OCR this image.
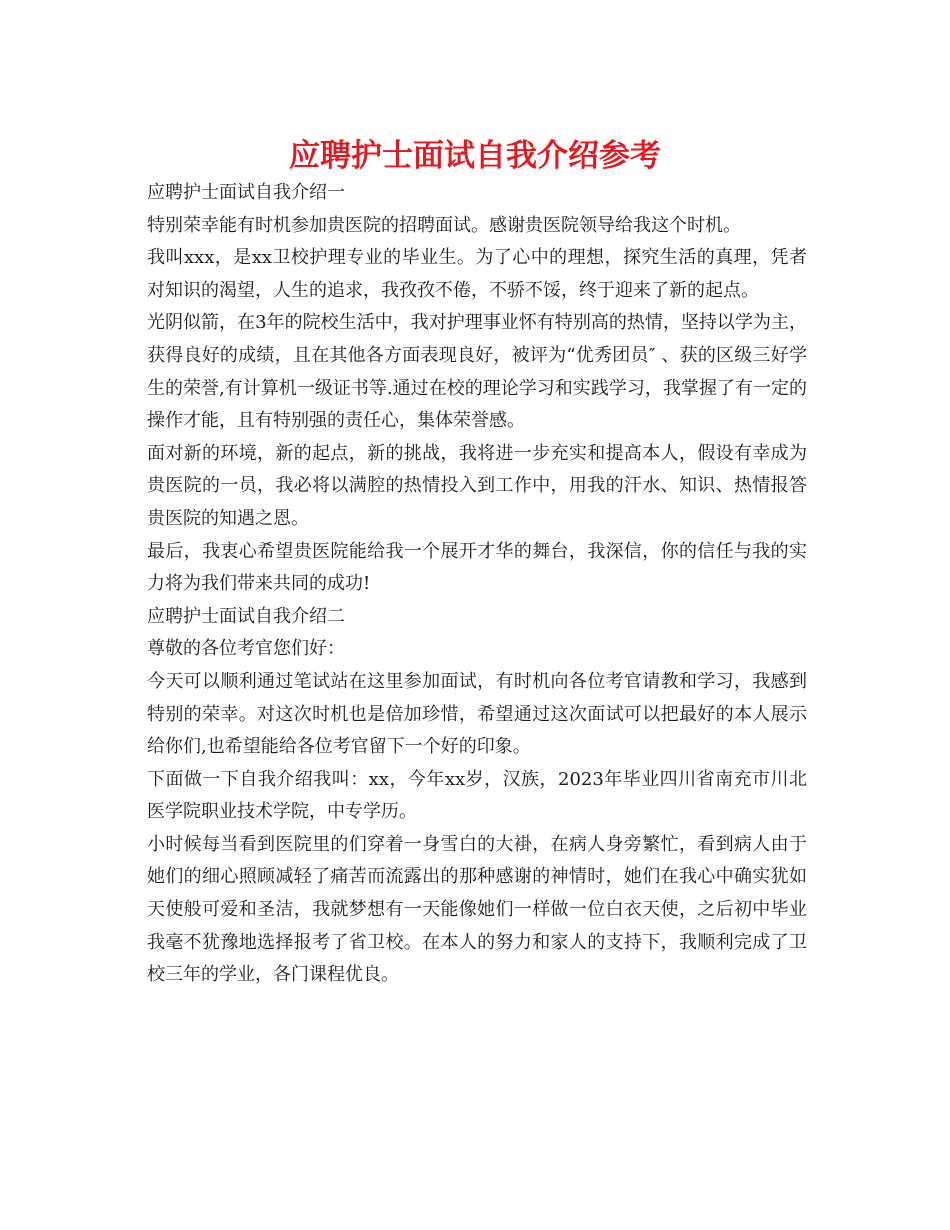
应聘护士面试自我介绍参考

应聘护士面试自我介绍一

特别荣幸能有时机参加贵医院的招聘面试。感谢贵医院领导给我这个时机。

我叫xxx，是xx卫校护理专业的毕业生。为了心中的理想，探究生活的真理，凭者对知识的渴望，人生的追求，我孜孜不倦，不骄不馁，终于迎来了新的起点。

光阴似箭，在3年的院校生活中，我对护理事业怀有特别高的热情，坚持以学为主，获得良好的成绩，且在其他各方面表现良好，被评为“优秀团员″ 、获的区级三好学生的荣誉,有计算机一级证书等.通过在校的理论学习和实践学习，我掌握了有一定的操作才能，且有特别强的责任心，集体荣誉感。

面对新的环境，新的起点，新的挑战，我将进一步充实和提高本人，假设有幸成为贵医院的一员，我必将以满腔的热情投入到工作中，用我的汗水、知识、热情报答贵医院的知遇之恩。

最后，我衷心希望贵医院能给我一个展开才华的舞台，我深信，你的信任与我的实力将为我们带来共同的成功!

应聘护士面试自我介绍二

尊敬的各位考官您们好：

今天可以顺利通过笔试站在这里参加面试，有时机向各位考官请教和学习，我感到特别的荣幸。对这次时机也是倍加珍惜，希望通过这次面试可以把最好的本人展示给你们,也希望能给各位考官留下一个好的印象。

下面做一下自我介绍我叫：xx，今年xx岁，汉族，2023年毕业四川省南充市川北医学院职业技术学院，中专学历。

小时候每当看到医院里的们穿着一身雪白的大褂，在病人身旁繁忙，看到病人由于她们的细心照顾减轻了痛苦而流露出的那种感谢的神情时，她们在我心中确实犹如天使般可爱和圣洁，我就梦想有一天能像她们一样做一位白衣天使，之后初中毕业我毫不犹豫地选择报考了省卫校。在本人的努力和家人的支持下，我顺利完成了卫校三年的学业，各门课程优良。
